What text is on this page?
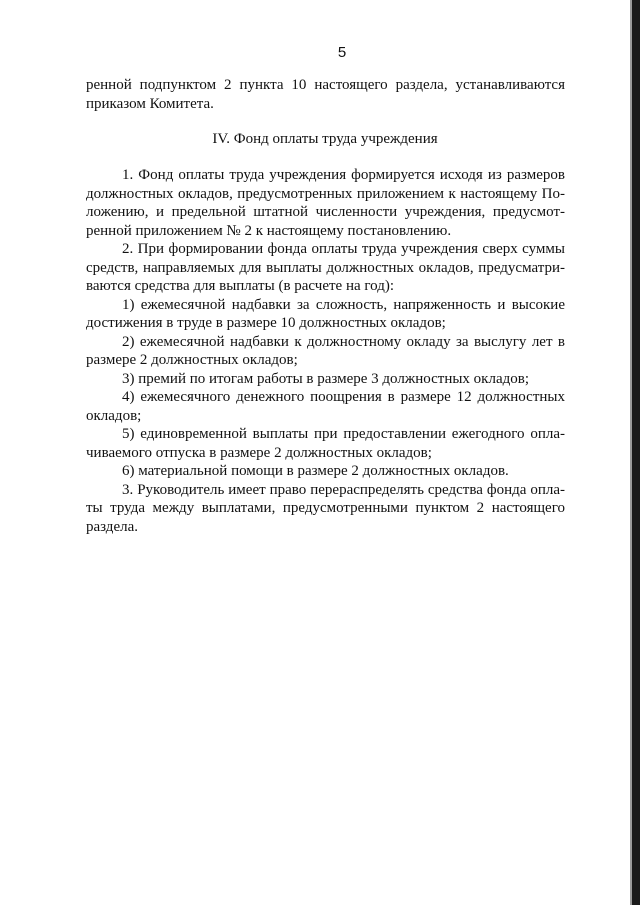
5
ренной подпунктом 2 пункта 10 настоящего раздела, устанавливаются
приказом Комитета.
IV. Фонд оплаты труда учреждения
1. Фонд оплаты труда учреждения формируется исходя из размеров
должностных окладов, предусмотренных приложением к настоящему По-
ложению, и предельной штатной численности учреждения, предусмот-
ренной приложением № 2 к настоящему постановлению.
2. При формировании фонда оплаты труда учреждения сверх суммы
средств, направляемых для выплаты должностных окладов, предусматри-
ваются средства для выплаты (в расчете на год):
1) ежемесячной надбавки за сложность, напряженность и высокие
достижения в труде в размере 10 должностных окладов;
2) ежемесячной надбавки к должностному окладу за выслугу лет в
размере 2 должностных окладов;
3) премий по итогам работы в размере 3 должностных окладов;
4) ежемесячного денежного поощрения в размере 12 должностных
окладов;
5) единовременной выплаты при предоставлении ежегодного опла-
чиваемого отпуска в размере 2 должностных окладов;
6) материальной помощи в размере 2 должностных окладов.
3. Руководитель имеет право перераспределять средства фонда опла-
ты труда между выплатами, предусмотренными пунктом 2 настоящего
раздела.
